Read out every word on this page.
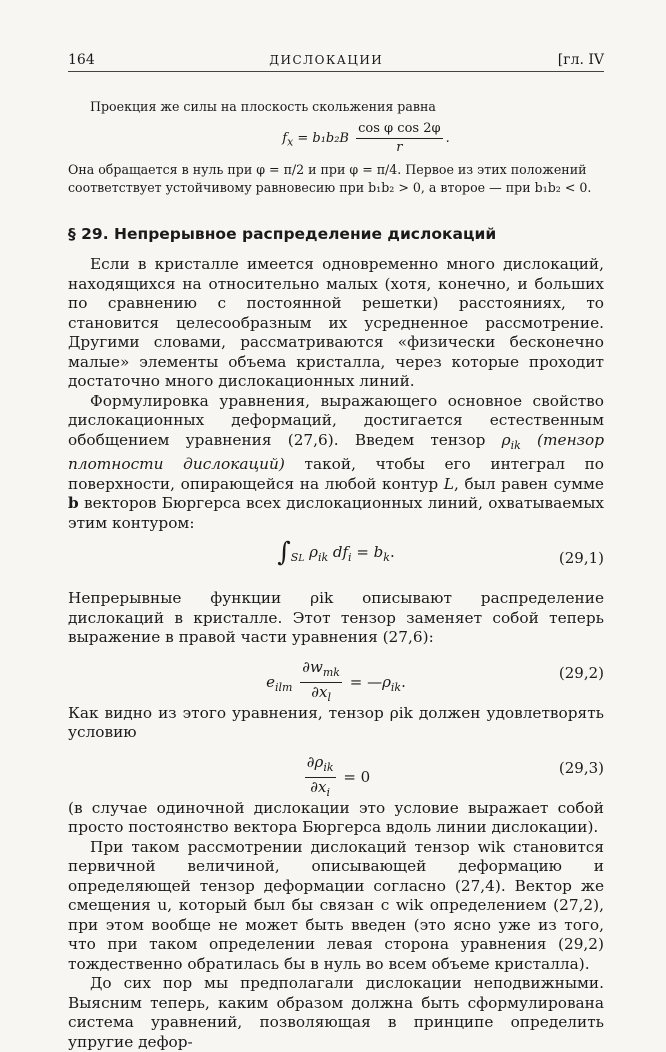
164	ДИСЛОКАЦИИ	[гл. IV

Проекция же силы на плоскость скольжения равна

$f_x = b_1b_2B \frac{\text{cos φ cos 2φ}}{r}$ .

Она обращается в нуль при φ = π/2 и при φ = π/4. Первое из этих положений соответствует устойчивому равновесию при b₁b₂ > 0, а второе — при b₁b₂ < 0.

§ 29. Непрерывное распределение дислокаций

Если в кристалле имеется одновременно много дислокаций, находящихся на относительно малых (хотя, конечно, и больших по сравнению с постоянной решетки) расстояниях, то становится целесообразным их усредненное рассмотрение. Другими словами, рассматриваются «физически бесконечно малые» элементы объема кристалла, через которые проходит достаточно много дислокационных линий.

Формулировка уравнения, выражающего основное свойство дислокационных деформаций, достигается естественным обобщением уравнения (27,6). Введем тензор $\rho_{ik}$ (тензор плотности дислокаций) такой, чтобы его интеграл по поверхности, опирающейся на любой контур L, был равен сумме b векторов Бюргерса всех дислокационных линий, охватываемых этим контуром:

$\int_{SL}$ $\rho_{ik}$ $df_i = b_k$.	(29,1)

Непрерывные функции ρik описывают распределение дислокаций в кристалле. Этот тензор заменяет собой теперь выражение в правой части уравнения (27,6):

$e_{ilm} \frac{\partial w_{mk}}{\partial x_l}$ = $—\rho_{ik}$.	(29,2)

Как видно из этого уравнения, тензор ρik должен удовлетворять условию

$\frac{\partial\rho_{ik}}{\partial x_i} = 0$	(29,3)

(в случае одиночной дислокации это условие выражает собой просто постоянство вектора Бюргерса вдоль линии дислокации).

При таком рассмотрении дислокаций тензор wik становится первичной величиной, описывающей деформацию и определяющей тензор деформации согласно (27,4). Вектор же смещения u, который был бы связан с wik определением (27,2), при этом вообще не может быть введен (это ясно уже из того, что при таком определении левая сторона уравнения (29,2) тождественно обратилась бы в нуль во всем объеме кристалла).

До сих пор мы предполагали дислокации неподвижными. Выясним теперь, каким образом должна быть сформулирована система уравнений, позволяющая в принципе определить упругие дефор-
